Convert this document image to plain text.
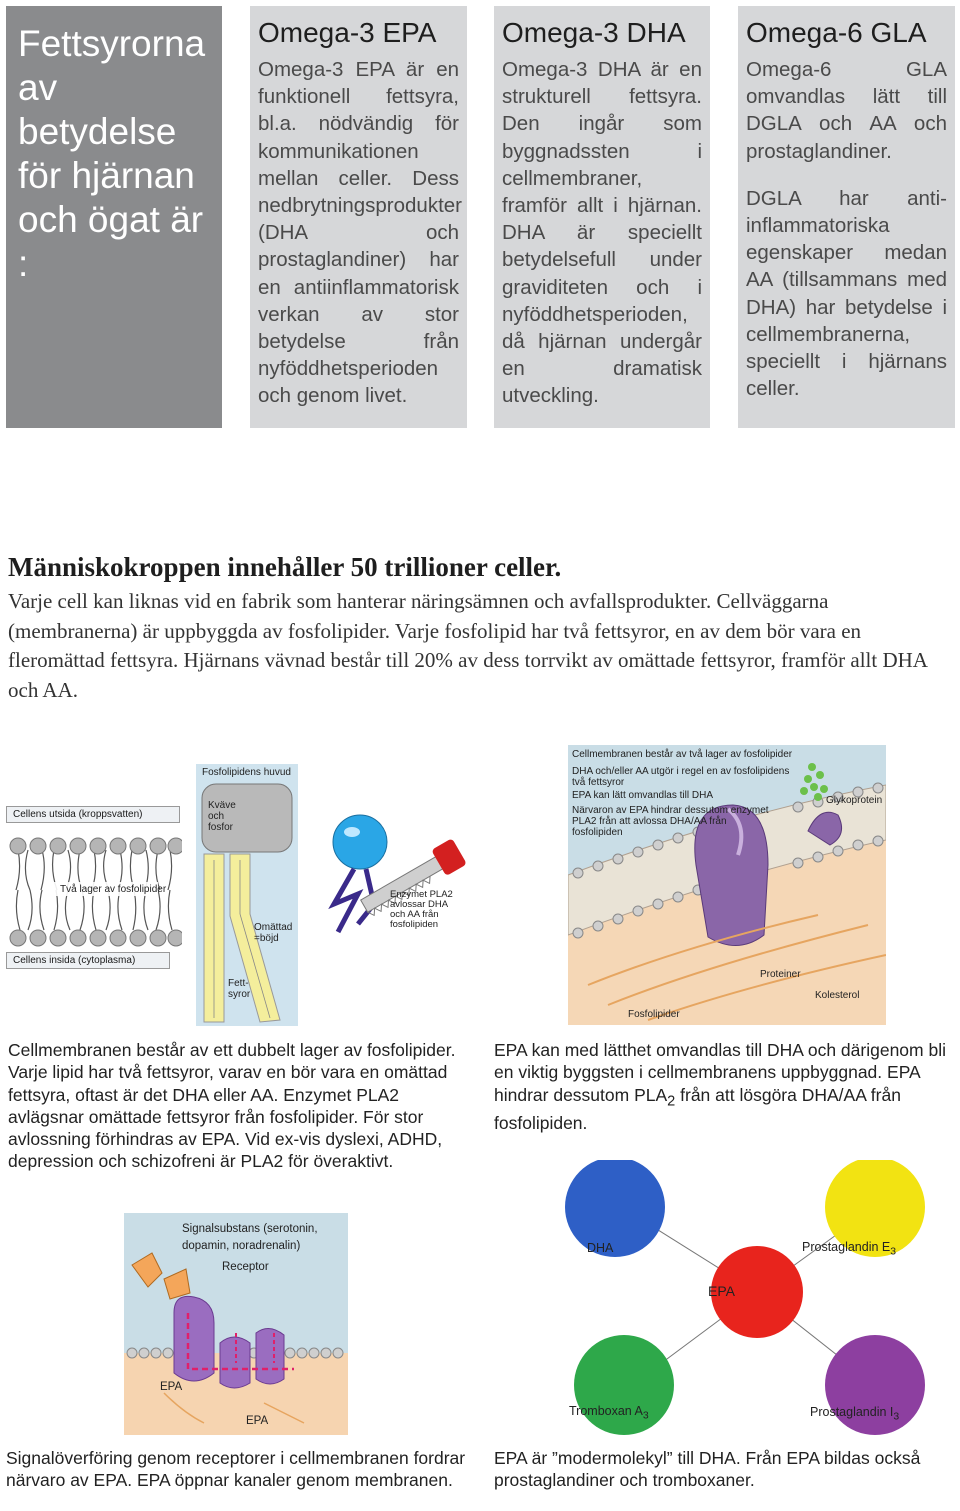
Fettsyrorna av betydelse för hjärnan och ögat är :
Omega-3 EPA

Omega-3 EPA är en funktionell fettsyra, bl.a. nödvändig för kommunikationen mellan celler. Dess nedbrytningsprodukter (DHA och prostaglandiner) har en antiinflammatorisk verkan av stor betydelse från nyföddhetsperioden och genom livet.

Omega-3 DHA

Omega-3 DHA är en strukturell fettsyra. Den ingår som byggnadssten i cellmembraner, framför allt i hjärnan. DHA är speciellt betydelsefull under graviditeten och i nyföddhetsperioden, då hjärnan undergår en dramatisk utveckling.

Omega-6 GLA

Omega-6 GLA omvandlas lätt till DGLA och AA och prostaglandiner.

DGLA har anti-inflammatoriska egenskaper medan AA (tillsammans med DHA) har betydelse i cellmembranerna, speciellt i hjärnans celler.

Människokroppen innehåller 50 trillioner celler.
Varje cell kan liknas vid en fabrik som hanterar näringsämnen och avfallsprodukter. Cellväggarna (membranerna) är uppbyggda av fosfolipider. Varje fosfolipid har två fettsyror, en av dem bör vara en fleromättad fettsyra. Hjärnans vävnad består till 20% av dess torrvikt av omättade fettsyror, framför allt DHA och AA.
Cellens utsida (kroppsvatten)
Två lager av fosfolipider
Cellens insida (cytoplasma)
Fosfolipidens huvud
Kväve och fosfor
Omättad =böjd
Fett- syror
Enzymet PLA2 avlossar DHA och AA från fosfolipiden
Cellmembranen består av två lager av fosfolipider
DHA och/eller AA utgör i regel en av fosfolipidens två fettsyror
EPA kan lätt omvandlas till DHA
Närvaron av EPA hindrar dessutom enzymet PLA2 från att avlossa DHA/AA från fosfolipiden
Glykoprotein
Proteiner
Kolesterol
Fosfolipider
Cellmembranen består av ett dubbelt lager av fosfolipider. Varje lipid har två fettsyror, varav en bör vara en omättad fettsyra, oftast är det DHA eller AA. Enzymet PLA2 avlägsnar omättade fettsyror från fosfolipider. För stor avlossning förhindras av EPA. Vid ex-vis dyslexi, ADHD, depression och schizofreni är PLA2 för överaktivt.
EPA kan med lätthet omvandlas till DHA och därigenom bli en viktig byggsten i cellmembranens uppbyggnad. EPA hindrar dessutom $PLA_2$ från att lösgöra DHA/AA från fosfolipiden.
Signalsubstans (serotonin, dopamin, noradrenalin)
Receptor
EPA
EPA
DHA	Prostaglandin $E_3$
EPA
Tromboxan $A_3$	Prostaglandin $I_3$
Signalöverföring genom receptorer i cellmembranen fordrar närvaro av EPA. EPA öppnar kanaler genom membranen.
EPA är ”modermolekyl” till DHA. Från EPA bildas också prostaglandiner och tromboxaner.
